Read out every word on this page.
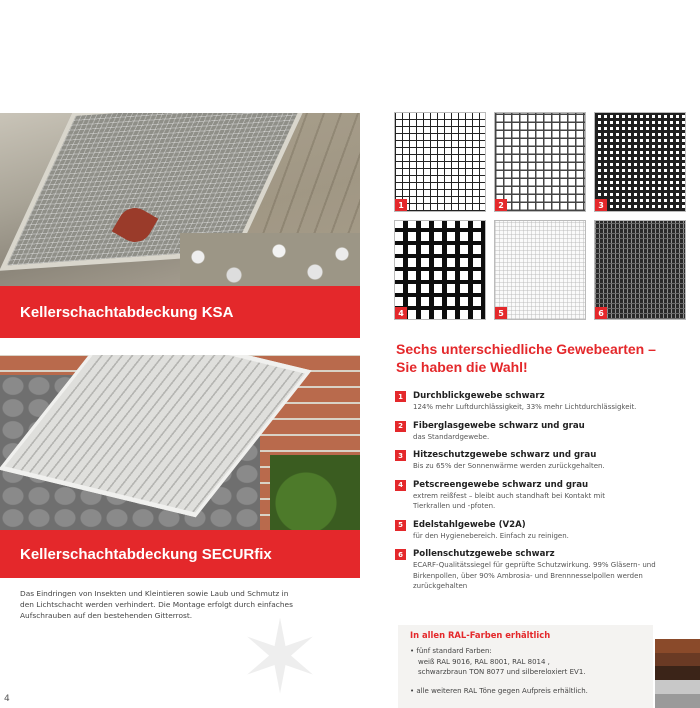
Kellerschachtabdeckung KSA
Kellerschachtabdeckung SECURfix
✶
Das Eindringen von Insekten und Kleintieren sowie Laub und Schmutz in
den Lichtschacht werden verhindert. Die Montage erfolgt durch einfaches
Aufschrauben auf den bestehenden Gitterrost.
4
1	2	3
4	5	6
Sechs unterschiedliche Gewebearten –
Sie haben die Wahl!
1	Durchblickgewebe schwarz
124% mehr Luftdurchlässigkeit, 33% mehr Lichtdurchlässigkeit.
2	Fiberglasgewebe schwarz und grau
das Standardgewebe.
3	Hitzeschutzgewebe schwarz und grau
Bis zu 65% der Sonnenwärme werden zurückgehalten.
4	Petscreengewebe schwarz und grau
extrem reißfest – bleibt auch standhaft bei Kontakt mit
Tierkrallen und -pfoten.
5	Edelstahlgewebe (V2A)
für den Hygienebereich. Einfach zu reinigen.
6	Pollenschutzgewebe schwarz
ECARF-Qualitätssiegel für geprüfte Schutzwirkung. 99% Gläsern- und
Birkenpollen, über 90% Ambrosia- und Brennnesselpollen werden
zurückgehalten
In allen RAL-Farben erhältlich
• fünf standard Farben:
weiß RAL 9016, RAL 8001, RAL 8014 ,
schwarzbraun TON 8077 und silbereloxiert EV1.
• alle weiteren RAL Töne gegen Aufpreis erhältlich.
